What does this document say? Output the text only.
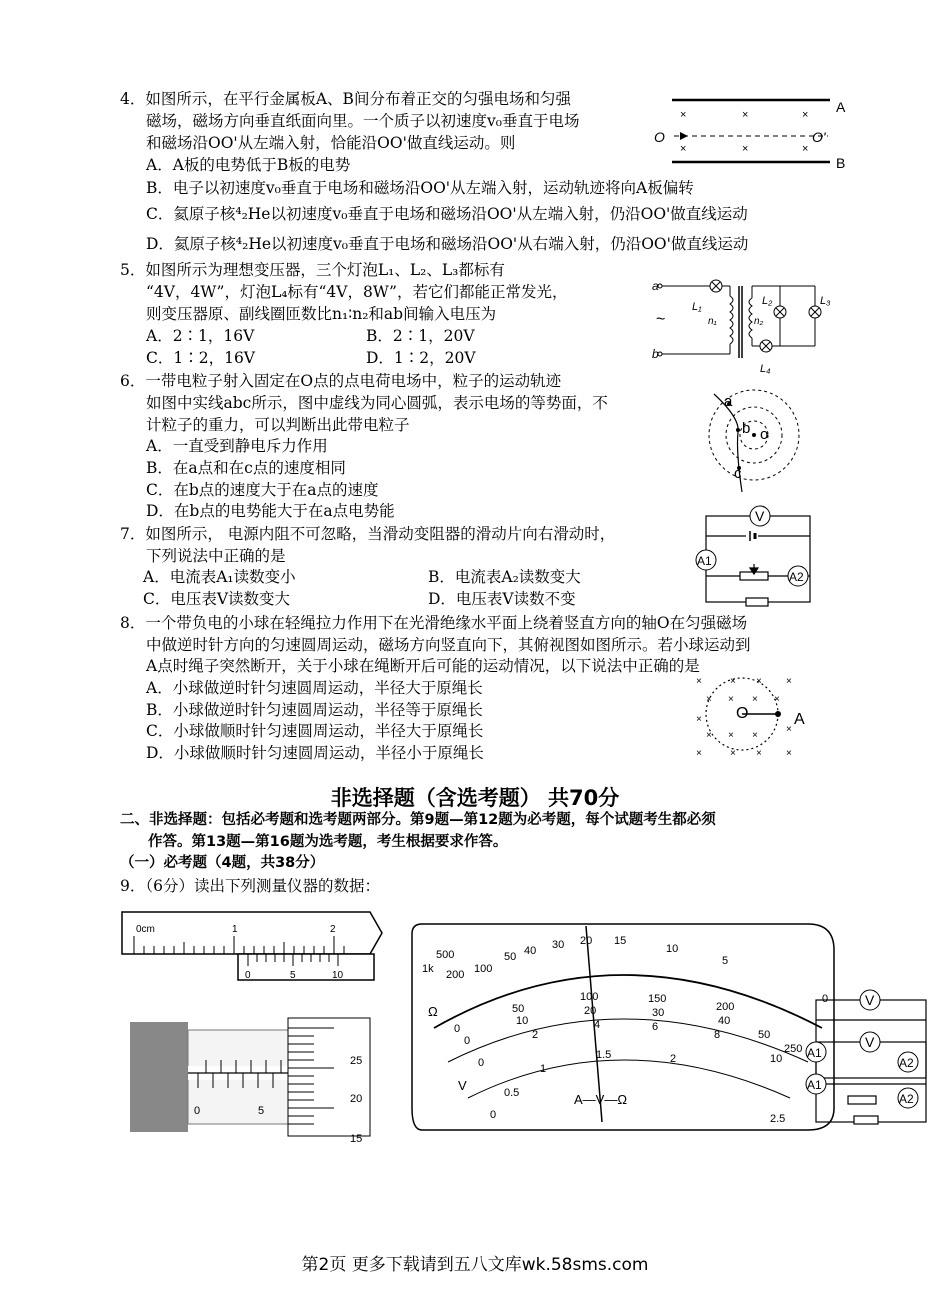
4．如图所示，在平行金属板A、B间分布着正交的匀强电场和匀强
磁场，磁场方向垂直纸面向里。一个质子以初速度v₀垂直于电场
和磁场沿OO'从左端入射，恰能沿OO'做直线运动。则
A．A板的电势低于B板的电势
B．电子以初速度v₀垂直于电场和磁场沿OO'从左端入射，运动轨迹将向A板偏转
C．氦原子核⁴₂He以初速度v₀垂直于电场和磁场沿OO'从左端入射，仍沿OO'做直线运动
D．氦原子核⁴₂He以初速度v₀垂直于电场和磁场沿OO'从右端入射，仍沿OO'做直线运动
×	×	×
×	×	×
A
B
O	O'
5．如图所示为理想变压器，三个灯泡L₁、L₂、L₃都标有
“4V，4W”，灯泡L₄标有“4V，8W”，若它们都能正常发光，
则变压器原、副线圈匝数比n₁∶n₂和ab间输入电压为
A．2∶1，16V	B．2∶1，20V
C．1∶2，16V	D．1∶2，20V
a
b
~
L₁
n₁	n₂
L₂	L₃
L₄
6．一带电粒子射入固定在O点的点电荷电场中，粒子的运动轨迹
如图中实线abc所示，图中虚线为同心圆弧，表示电场的等势面，不
计粒子的重力，可以判断出此带电粒子
A．一直受到静电斥力作用
B．在a点和在c点的速度相同
C．在b点的速度大于在a点的速度
D．在b点的电势能大于在a点电势能
a
b o
c
7．如图所示， 电源内阻不可忽略，当滑动变阻器的滑动片向右滑动时，
下列说法中正确的是
A．电流表A₁读数变小	B．电流表A₂读数变大
C．电压表V读数变大	D．电压表V读数不变
V
A1
A2
8．一个带负电的小球在轻绳拉力作用下在光滑绝缘水平面上绕着竖直方向的轴O在匀强磁场
中做逆时针方向的匀速圆周运动，磁场方向竖直向下，其俯视图如图所示。若小球运动到
A点时绳子突然断开，关于小球在绳断开后可能的运动情况，以下说法中正确的是
A．小球做逆时针匀速圆周运动，半径大于原绳长
B．小球做逆时针匀速圆周运动，半径等于原绳长
C．小球做顺时针匀速圆周运动，半径大于原绳长
D．小球做顺时针匀速圆周运动，半径小于原绳长
×	× × ×
× × × ×
×
×
× × ×
×	× × ×
O	A
非选择题（含选考题） 共70分
二、非选择题：包括必考题和选考题两部分。第9题—第12题为必考题，每个试题考生都必须
作答。第13题—第16题为选考题，考生根据要求作答。
（一）必考题（4题，共38分）
9．（6分）读出下列测量仪器的数据：
0cm	1	2
0	5	10
0	5
25
20
15
500
1k 200 100
50 40 30 20 15
10
5
0
0
50
100	150
200
250
0
10
20	30
40
50
0
2
4	6
8
10
0
0.5
1
1.5	2
2.5
Ω
V
A—V—Ω
V
V
A1
A1
A2
A2
第2页 更多下载请到五八文库wk.58sms.com
